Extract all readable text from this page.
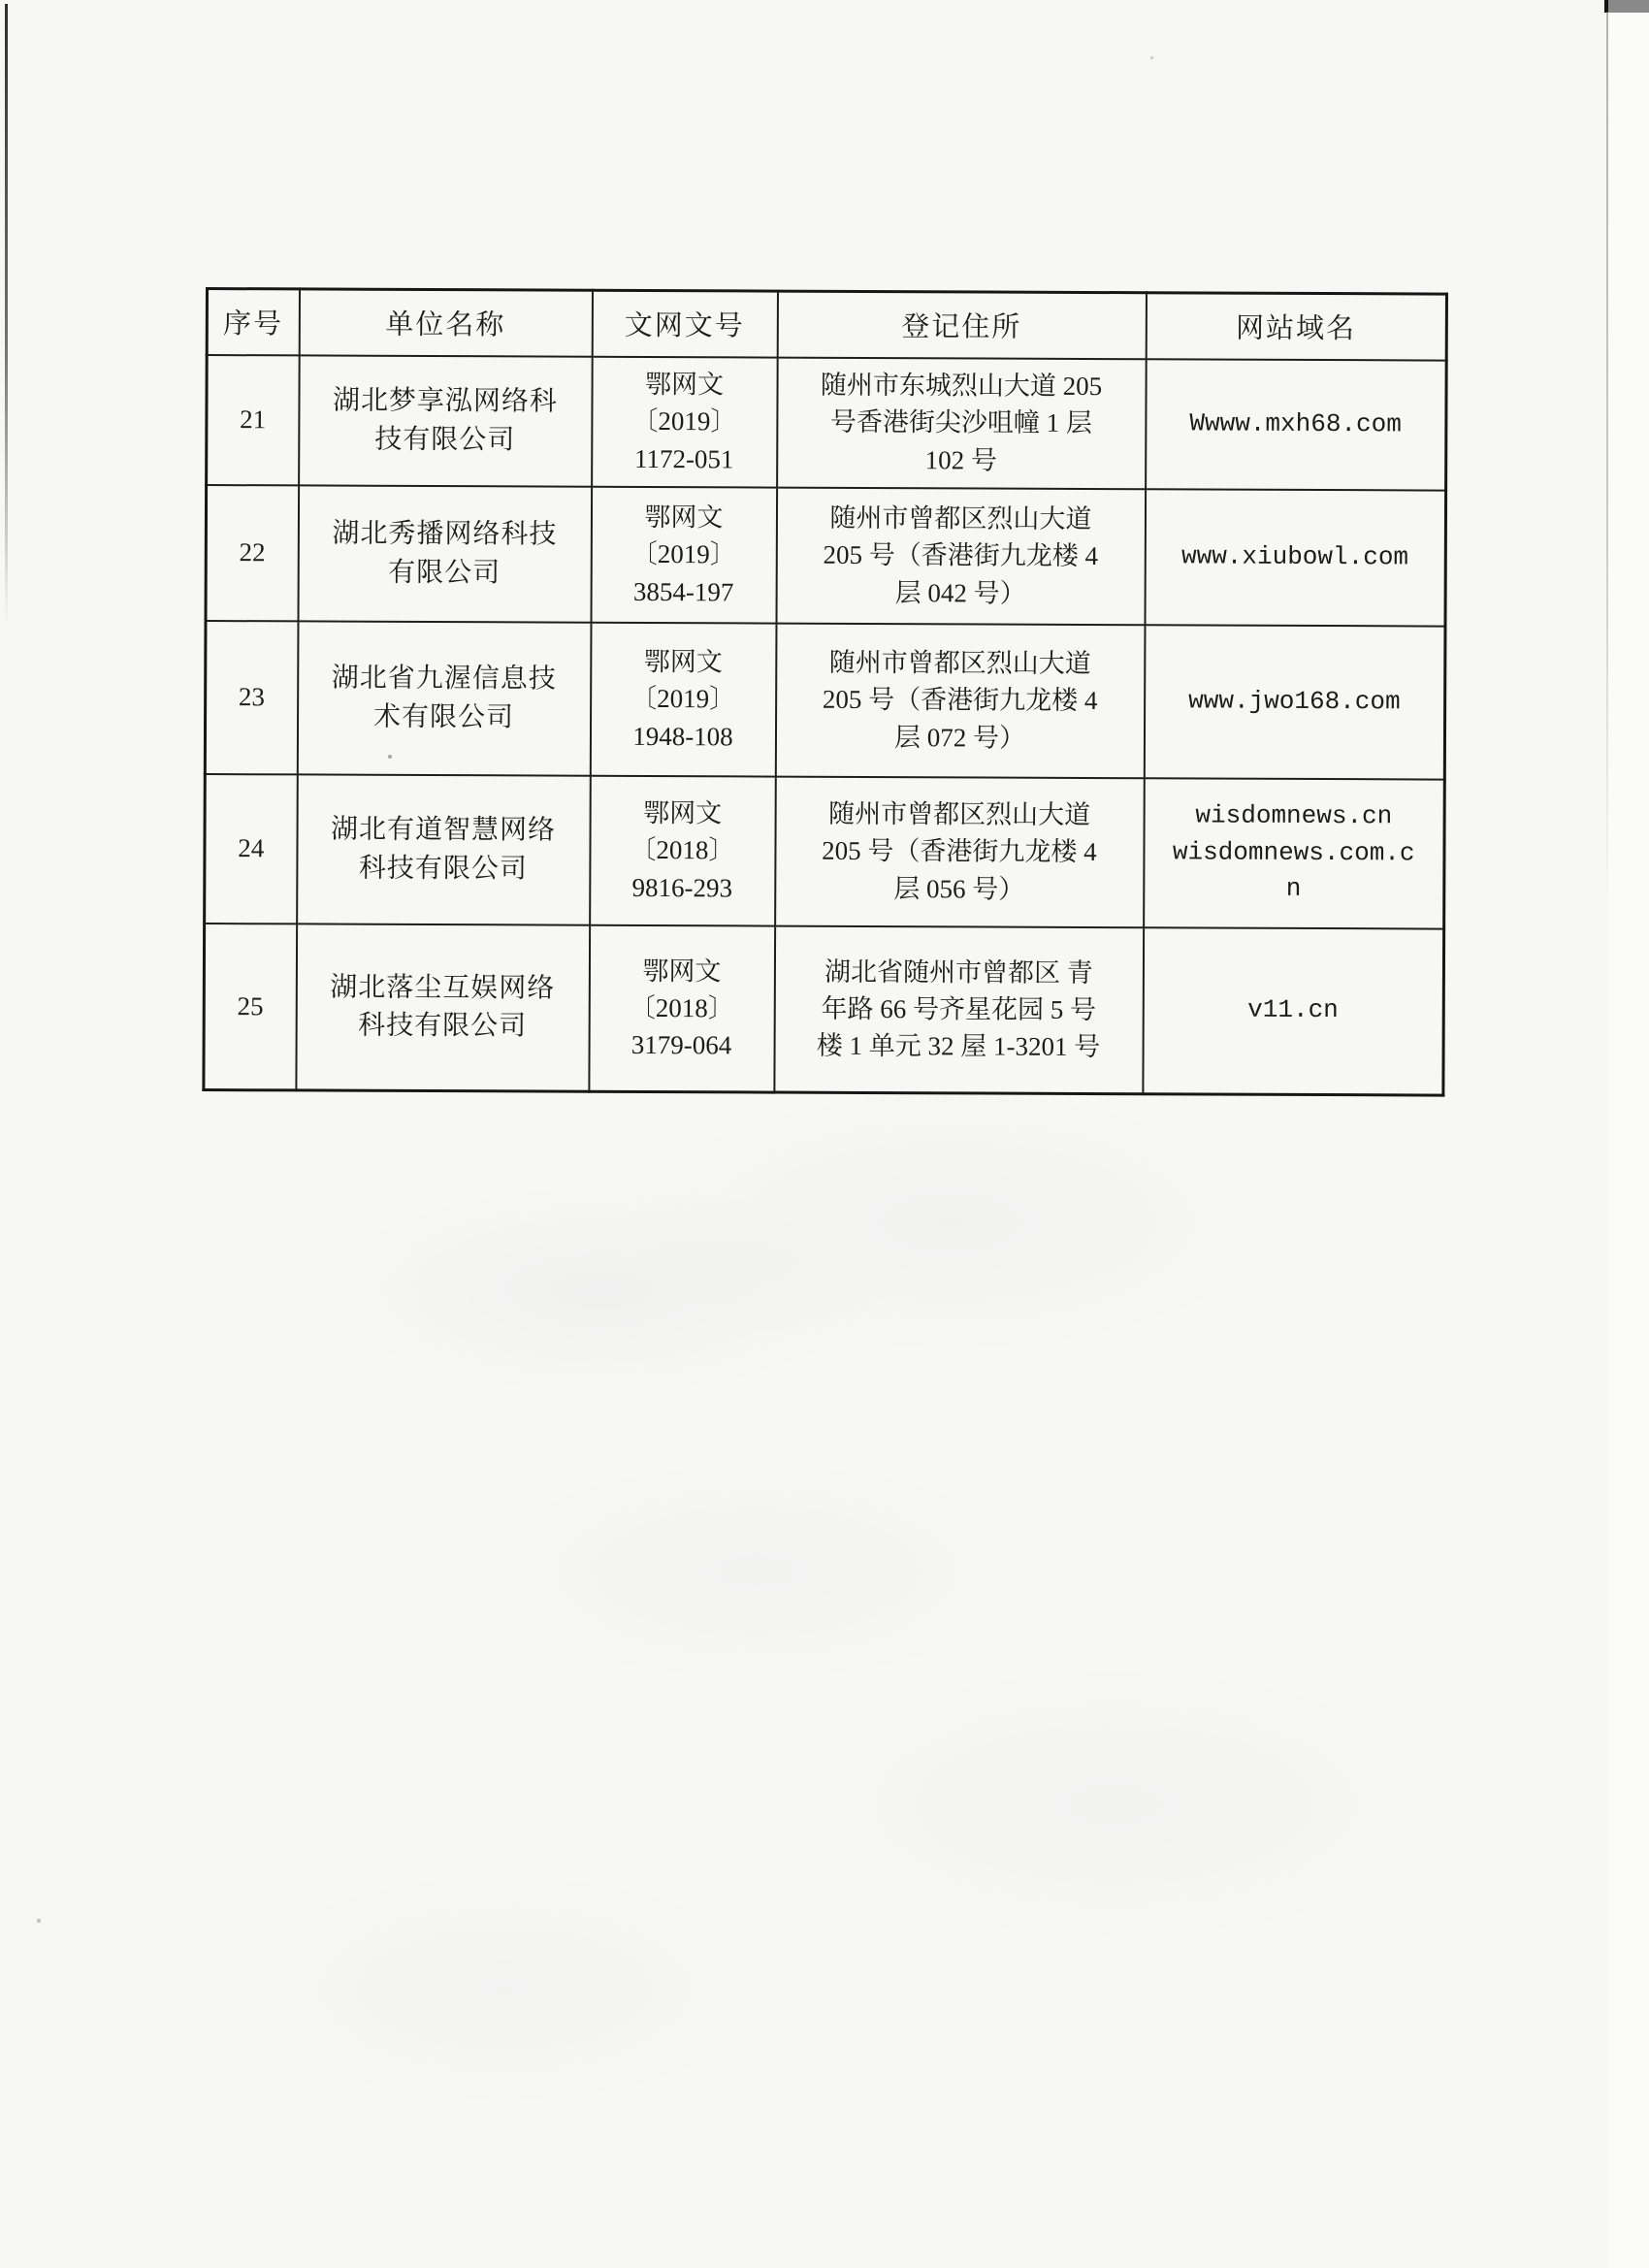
序号	单位名称	文网文号	登记住所	网站域名
21	湖北梦享泓网络科
技有限公司	鄂网文
〔2019〕
1172-051	随州市东城烈山大道 205
号香港街尖沙咀幢 1 层
102 号	Wwww.mxh68.com
22	湖北秀播网络科技
有限公司	鄂网文
〔2019〕
3854-197	随州市曾都区烈山大道
205 号（香港街九龙楼 4
层 042 号）	www.xiubowl.com
23	湖北省九渥信息技
术有限公司	鄂网文
〔2019〕
1948-108	随州市曾都区烈山大道
205 号（香港街九龙楼 4
层 072 号）	www.jwo168.com
24	湖北有道智慧网络
科技有限公司	鄂网文
〔2018〕
9816-293	随州市曾都区烈山大道
205 号（香港街九龙楼 4
层 056 号）	wisdomnews.cn
wisdomnews.com.c
n
25	湖北落尘互娱网络
科技有限公司	鄂网文
〔2018〕
3179-064	湖北省随州市曾都区 青
年路 66 号齐星花园 5 号
楼 1 单元 32 屋 1-3201 号	v11.cn
